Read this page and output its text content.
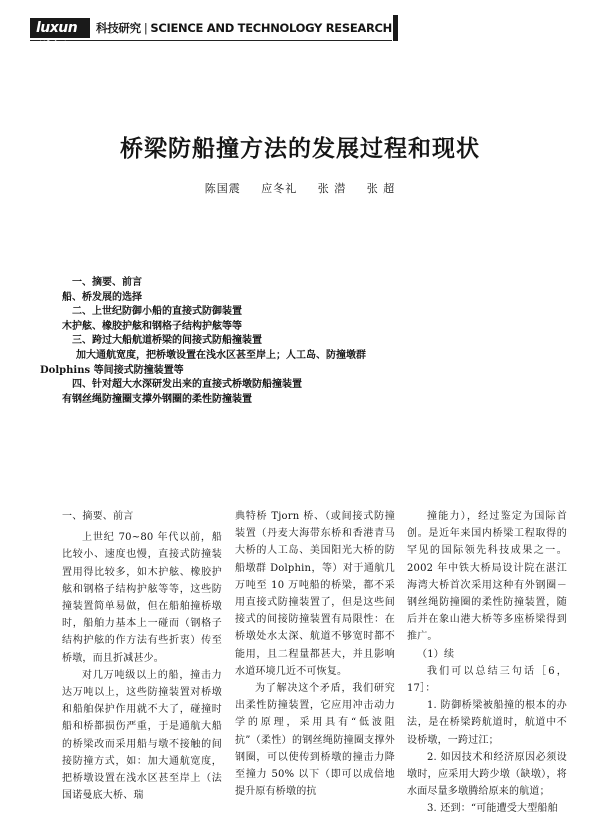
luxun路讯
科技研究 | SCIENCE AND TECHNOLOGY RESEARCH
桥梁防船撞方法的发展过程和现状
陈国震 应冬礼 张 潜 张 超
一、摘要、前言
船、桥发展的选择
二、上世纪防御小船的直接式防御装置
木护舷、橡胶护舷和钢格子结构护舷等等
三、跨过大船航道桥梁的间接式防船撞装置
加大通航宽度，把桥墩设置在浅水区甚至岸上；人工岛、防撞墩群
Dolphins 等间接式防撞装置等
四、针对超大水深研发出来的直接式桥墩防船撞装置
有钢丝绳防撞圈支撑外钢圈的柔性防撞装置

一、摘要、前言

上世纪 70~80 年代以前，船比较小、速度也慢，直接式防撞装置用得比较多，如木护舷、橡胶护舷和钢格子结构护舷等等，这些防撞装置简单易做，但在船舶撞桥墩时，船舶力基本上一碰而（钢格子结构护舷的作方法有些折衷）传至桥墩，而且折减甚少。

对几万吨级以上的船，撞击力达万吨以上，这些防撞装置对桥墩和船舶保护作用就不大了，碰撞时船和桥都损伤严重，于是通航大船的桥梁改而采用船与墩不接触的间接防撞方式，如：加大通航宽度，把桥墩设置在浅水区甚至岸上（法国诺曼底大桥、瑞

典特桥 Tjorn 桥、（或间接式防撞装置（丹麦大海带东桥和香港青马大桥的人工岛、美国阳光大桥的防船墩群 Dolphin，等）对于通航几万吨至 10 万吨船的桥梁，都不采用直接式防撞装置了，但是这些间接式的间接防撞装置有局限性：在桥墩处水太深、航道不够宽时都不能用，且二程量都甚大，并且影响水道环境几近不可恢复。

为了解决这个矛盾，我们研究出柔性防撞装置，它应用冲击动力学的原理，采用具有“低波阻抗”（柔性）的钢丝绳防撞圈支撑外钢圈，可以使传到桥墩的撞击力降至撞力 50% 以下（即可以成倍地提升原有桥墩的抗

撞能力），经过鉴定为国际首创。是近年来国内桥梁工程取得的罕见的国际领先科技成果之一。2002 年中铁大桥局设计院在湛江海湾大桥首次采用这种有外钢圈－钢丝绳防撞圈的柔性防撞装置，随后并在象山港大桥等多座桥梁得到推广。

（1）续

我们可以总结三句话［6，17］：

1. 防御桥梁被船撞的根本的办法，是在桥梁跨航道时，航道中不设桥墩，一跨过江；

2. 如因技术和经济原因必须设墩时，应采用大跨少墩（缺墩），将水面尽量多墩腾给原来的航道；

3. 还到：“可能遭受大型船舶
